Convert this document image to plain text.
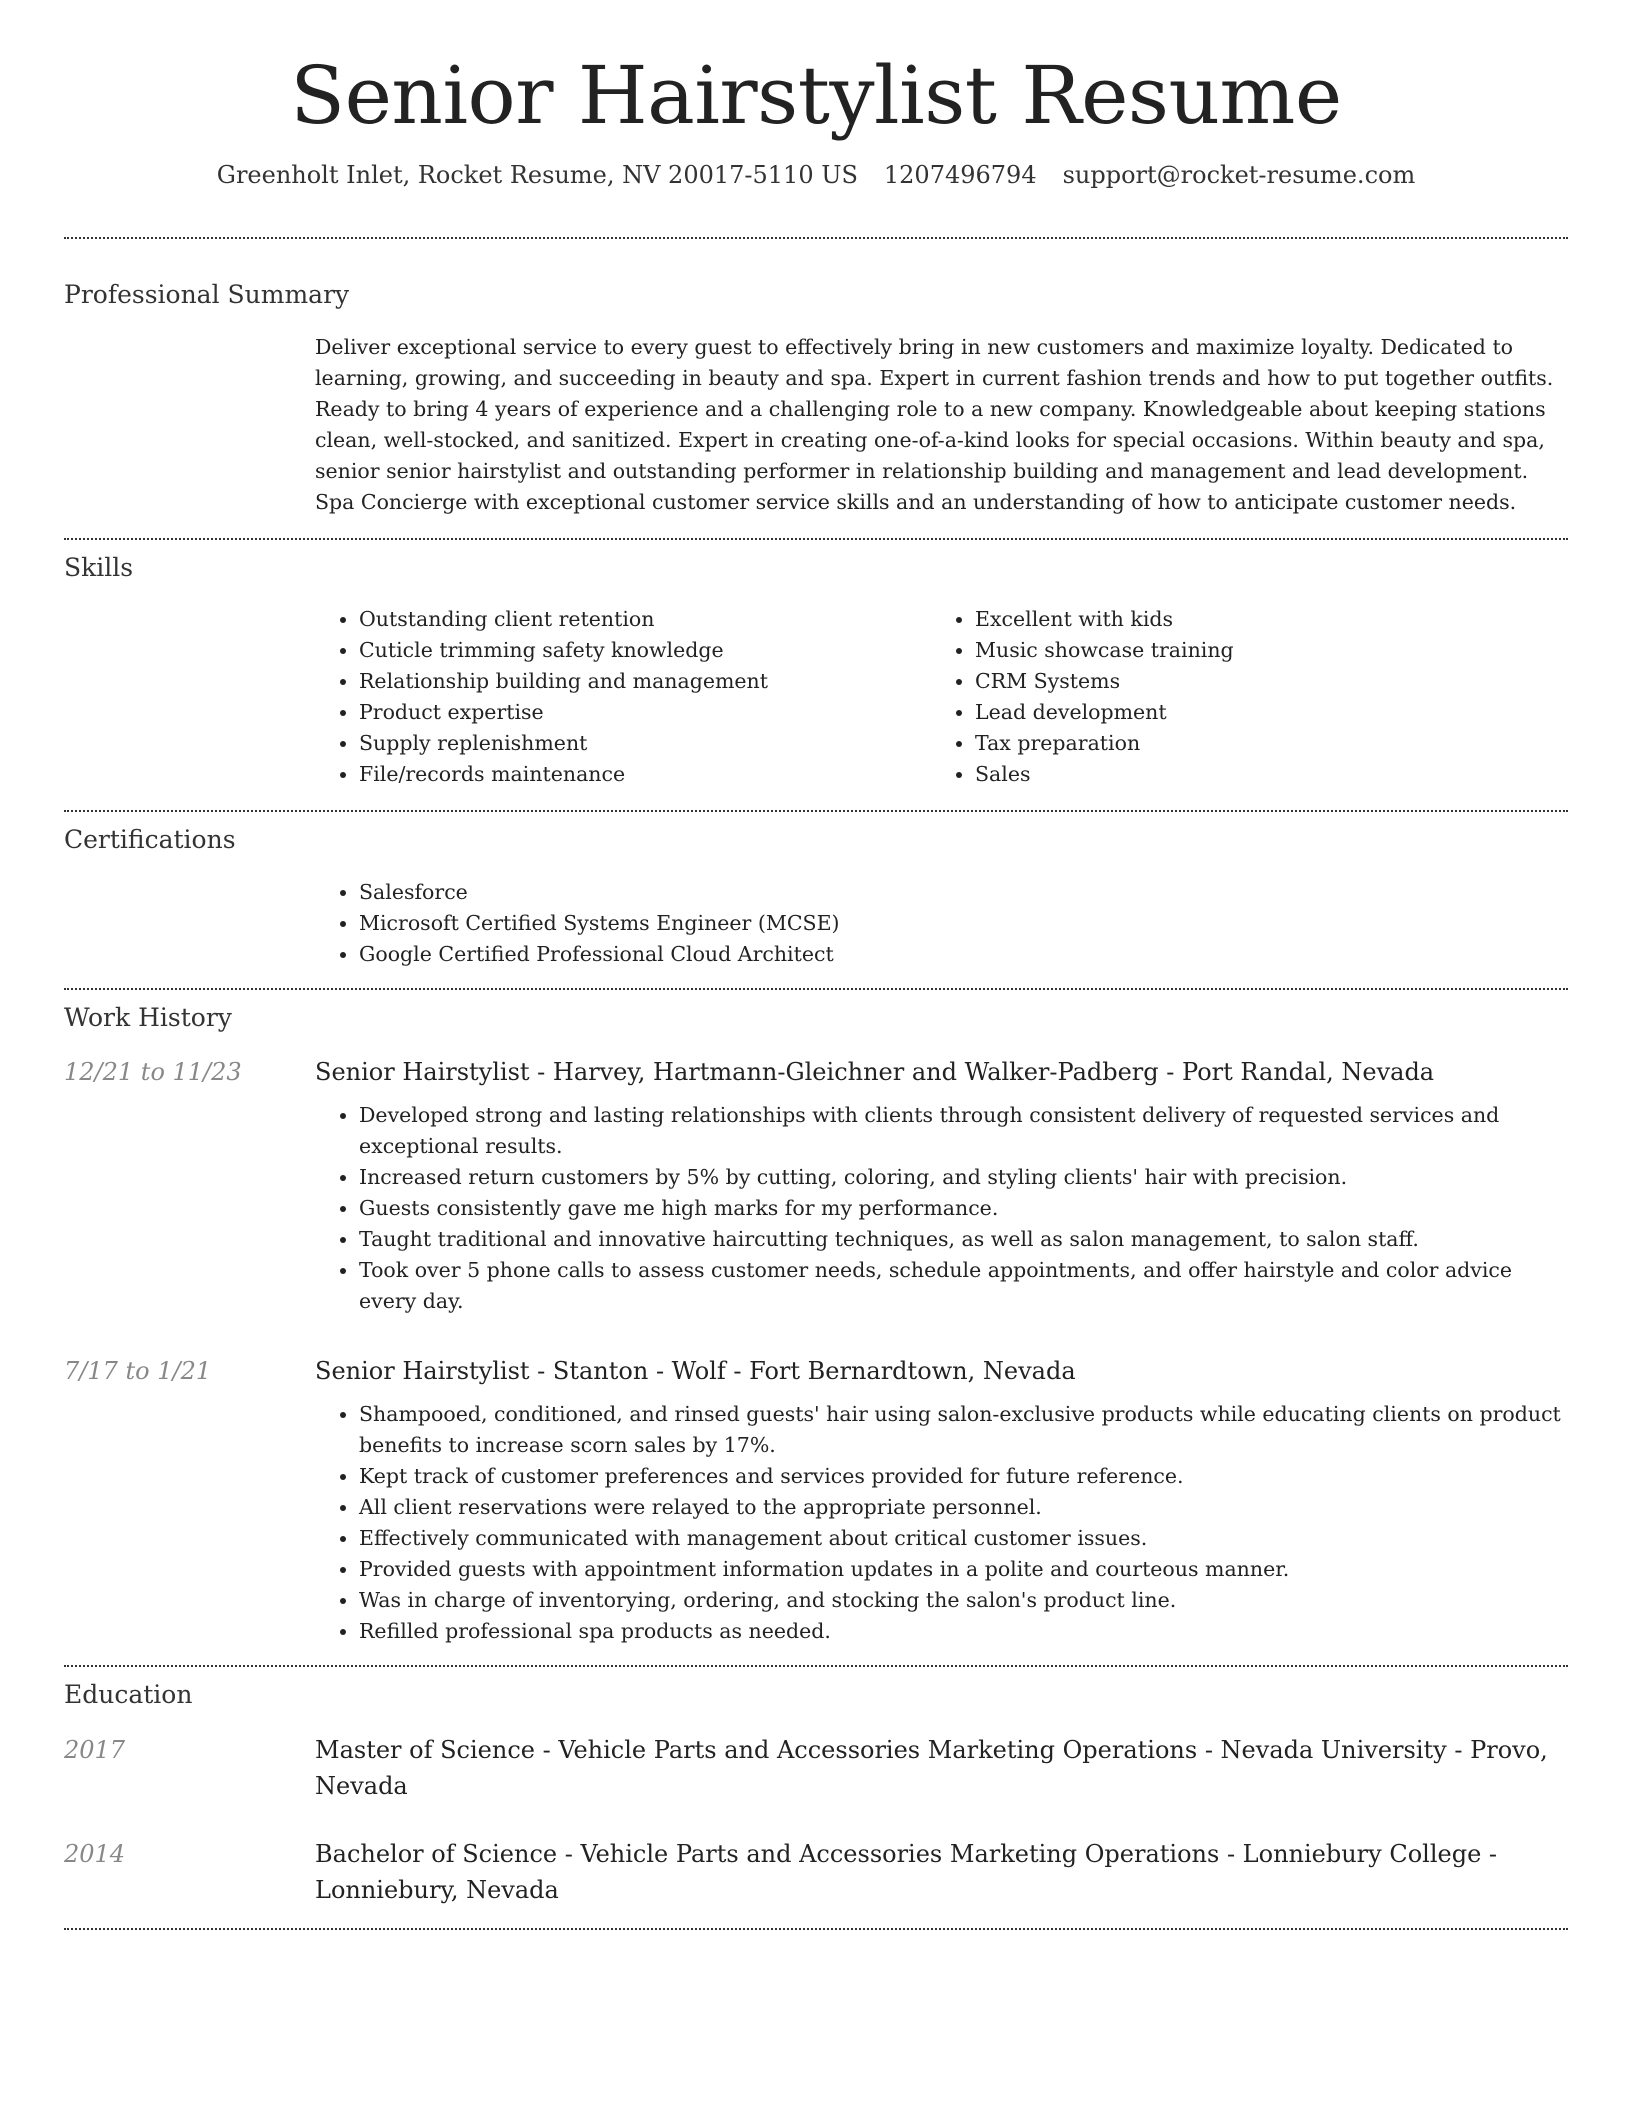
Senior Hairstylist Resume
Greenholt Inlet, Rocket Resume, NV 20017-5110 US 1207496794 support@rocket-resume.com
Professional Summary

Deliver exceptional service to every guest to effectively bring in new customers and maximize loyalty. Dedicated to learning, growing, and succeeding in beauty and spa. Expert in current fashion trends and how to put together outfits. Ready to bring 4 years of experience and a challenging role to a new company. Knowledgeable about keeping stations clean, well-stocked, and sanitized. Expert in creating one-of-a-kind looks for special occasions. Within beauty and spa, senior senior hairstylist and outstanding performer in relationship building and management and lead development. Spa Concierge with exceptional customer service skills and an understanding of how to anticipate customer needs.

Skills
• Outstanding client retention
• Cuticle trimming safety knowledge
• Relationship building and management
• Product expertise
• Supply replenishment
• File/records maintenance
• Excellent with kids
• Music showcase training
• CRM Systems
• Lead development
• Tax preparation
• Sales
Certifications
• Salesforce
• Microsoft Certified Systems Engineer (MCSE)
• Google Certified Professional Cloud Architect
Work History
12/21 to 11/23	Senior Hairstylist - Harvey, Hartmann-Gleichner and Walker-Padberg - Port Randal, Nevada
• Developed strong and lasting relationships with clients through consistent delivery of requested services and exceptional results.
• Increased return customers by 5% by cutting, coloring, and styling clients' hair with precision.
• Guests consistently gave me high marks for my performance.
• Taught traditional and innovative haircutting techniques, as well as salon management, to salon staff.
• Took over 5 phone calls to assess customer needs, schedule appointments, and offer hairstyle and color advice every day.
7/17 to 1/21	Senior Hairstylist - Stanton - Wolf - Fort Bernardtown, Nevada
• Shampooed, conditioned, and rinsed guests' hair using salon-exclusive products while educating clients on product benefits to increase scorn sales by 17%.
• Kept track of customer preferences and services provided for future reference.
• All client reservations were relayed to the appropriate personnel.
• Effectively communicated with management about critical customer issues.
• Provided guests with appointment information updates in a polite and courteous manner.
• Was in charge of inventorying, ordering, and stocking the salon's product line.
• Refilled professional spa products as needed.
Education
2017	Master of Science - Vehicle Parts and Accessories Marketing Operations - Nevada University - Provo, Nevada
2014	Bachelor of Science - Vehicle Parts and Accessories Marketing Operations - Lonniebury College - Lonniebury, Nevada
